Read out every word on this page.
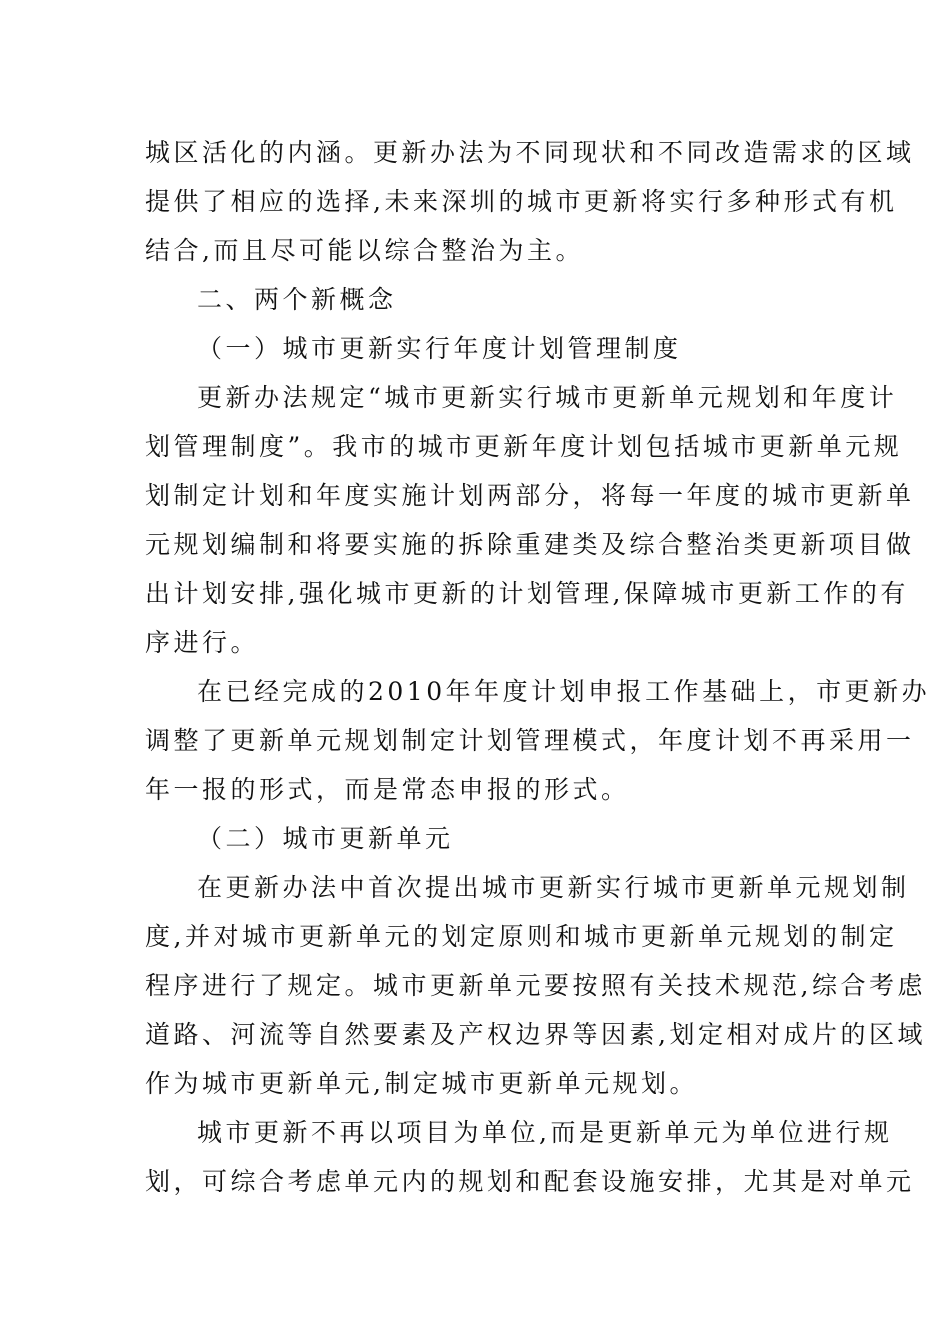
城区活化的内涵。更新办法为不同现状和不同改造需求的区域
提供了相应的选择,未来深圳的城市更新将实行多种形式有机
结合,而且尽可能以综合整治为主。
二、两个新概念
（一）城市更新实行年度计划管理制度
更新办法规定“城市更新实行城市更新单元规划和年度计
划管理制度”。我市的城市更新年度计划包括城市更新单元规
划制定计划和年度实施计划两部分，将每一年度的城市更新单
元规划编制和将要实施的拆除重建类及综合整治类更新项目做
出计划安排,强化城市更新的计划管理,保障城市更新工作的有
序进行。
在已经完成的2010年年度计划申报工作基础上，市更新办
调整了更新单元规划制定计划管理模式，年度计划不再采用一
年一报的形式，而是常态申报的形式。
（二）城市更新单元
在更新办法中首次提出城市更新实行城市更新单元规划制
度,并对城市更新单元的划定原则和城市更新单元规划的制定
程序进行了规定。城市更新单元要按照有关技术规范,综合考虑
道路、河流等自然要素及产权边界等因素,划定相对成片的区域
作为城市更新单元,制定城市更新单元规划。
城市更新不再以项目为单位,而是更新单元为单位进行规
划，可综合考虑单元内的规划和配套设施安排，尤其是对单元
